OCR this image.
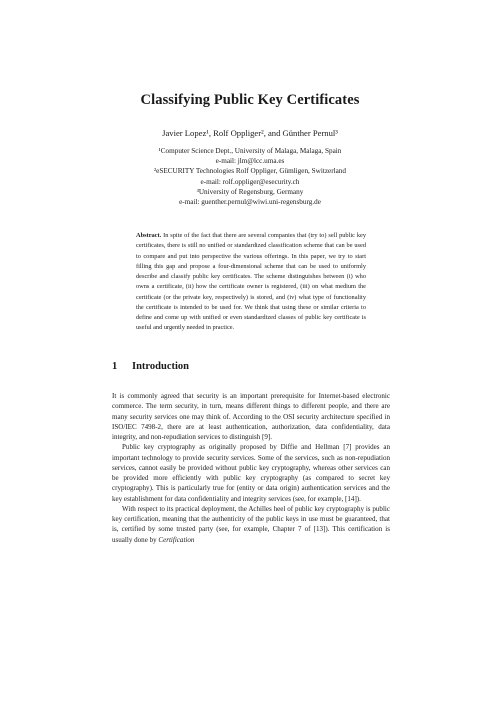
Classifying Public Key Certificates
Javier Lopez¹, Rolf Oppliger², and Günther Pernul³
¹Computer Science Dept., University of Malaga, Malaga, Spain
e-mail: jlm@lcc.uma.es
²eSECURITY Technologies Rolf Oppliger, Gümligen, Switzerland
e-mail: rolf.oppliger@esecurity.ch
³University of Regensburg, Germany
e-mail: guenther.pernul@wiwi.uni-regensburg.de
Abstract. In spite of the fact that there are several companies that (try to) sell public key certificates, there is still no unified or standardized classification scheme that can be used to compare and put into perspective the various offerings. In this paper, we try to start filling this gap and propose a four-dimensional scheme that can be used to uniformly describe and classify public key certificates. The scheme distinguishes between (i) who owns a certificate, (ii) how the certificate owner is registered, (iii) on what medium the certificate (or the private key, respectively) is stored, and (iv) what type of functionality the certificate is intended to be used for. We think that using these or similar criteria to define and come up with unified or even standardized classes of public key certificate is useful and urgently needed in practice.
1 Introduction

It is commonly agreed that security is an important prerequisite for Internet-based electronic commerce. The term security, in turn, means different things to different people, and there are many security services one may think of. According to the OSI security architecture specified in ISO/IEC 7498-2, there are at least authentication, authorization, data confidentiality, data integrity, and non-repudiation services to distinguish [9].

Public key cryptography as originally proposed by Diffie and Hellman [7] provides an important technology to provide security services. Some of the services, such as non-repudiation services, cannot easily be provided without public key cryptography, whereas other services can be provided more efficiently with public key cryptography (as compared to secret key cryptography). This is particularly true for (entity or data origin) authentication services and the key establishment for data confidentiality and integrity services (see, for example, [14]).

With respect to its practical deployment, the Achilles heel of public key cryptography is public key certification, meaning that the authenticity of the public keys in use must be guaranteed, that is, certified by some trusted party (see, for example, Chapter 7 of [13]). This certification is usually done by Certification
